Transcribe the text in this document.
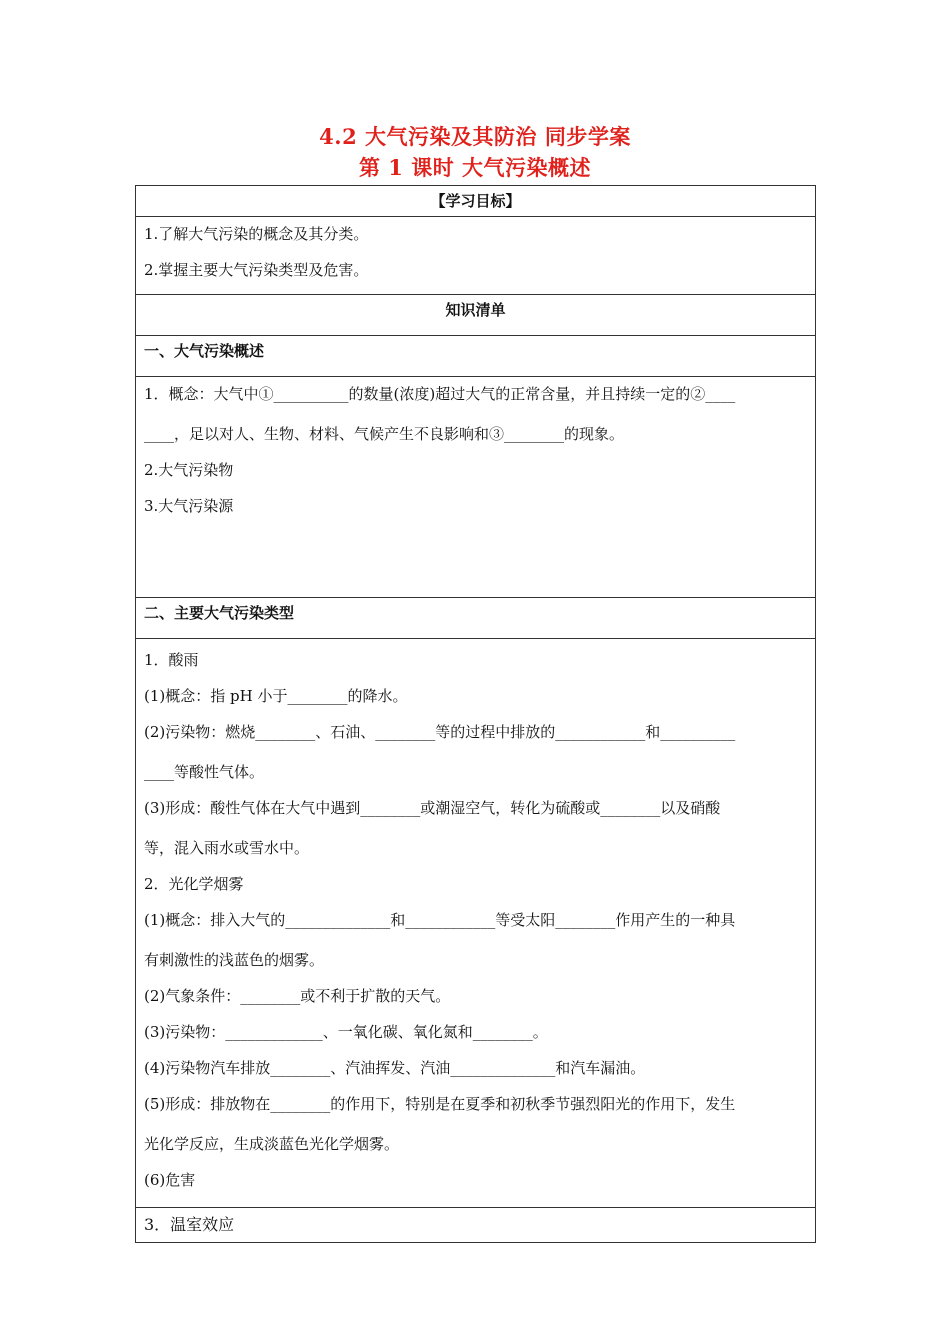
4.2 大气污染及其防治 同步学案
第 1 课时 大气污染概述
【学习目标】

1.了解大气污染的概念及其分类。
2.掌握主要大气污染类型及危害。

知识清单
一、大气污染概述

1．概念：大气中①__________的数量(浓度)超过大气的正常含量，并且持续一定的②____
____，足以对人、生物、材料、气候产生不良影响和③________的现象。
2.大气污染物
3.大气污染源

二、主要大气污染类型

1．酸雨
(1)概念：指 pH 小于________的降水。
(2)污染物：燃烧________、石油、________等的过程中排放的____________和__________
____等酸性气体。
(3)形成：酸性气体在大气中遇到________或潮湿空气，转化为硫酸或________以及硝酸
等，混入雨水或雪水中。
2．光化学烟雾
(1)概念：排入大气的______________和____________等受太阳________作用产生的一种具
有刺激性的浅蓝色的烟雾。
(2)气象条件：________或不利于扩散的天气。
(3)污染物：_____________、一氧化碳、氧化氮和________。
(4)污染物汽车排放________、汽油挥发、汽油______________和汽车漏油。
(5)形成：排放物在________的作用下，特别是在夏季和初秋季节强烈阳光的作用下，发生
光化学反应，生成淡蓝色光化学烟雾。
(6)危害

3．温室效应
